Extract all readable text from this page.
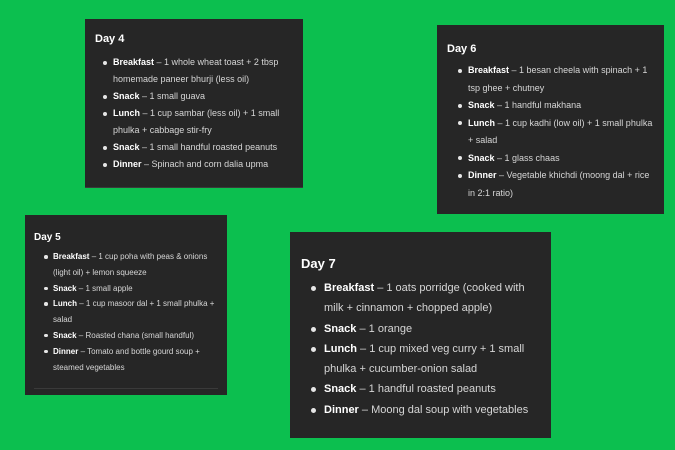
Day 4
Breakfast – 1 whole wheat toast + 2 tbsp homemade paneer bhurji (less oil)
Snack – 1 small guava
Lunch – 1 cup sambar (less oil) + 1 small phulka + cabbage stir-fry
Snack – 1 small handful roasted peanuts
Dinner – Spinach and corn dalia upma
Day 6
Breakfast – 1 besan cheela with spinach + 1 tsp ghee + chutney
Snack – 1 handful makhana
Lunch – 1 cup kadhi (low oil) + 1 small phulka + salad
Snack – 1 glass chaas
Dinner – Vegetable khichdi (moong dal + rice in 2:1 ratio)
Day 5
Breakfast – 1 cup poha with peas & onions (light oil) + lemon squeeze
Snack – 1 small apple
Lunch – 1 cup masoor dal + 1 small phulka + salad
Snack – Roasted chana (small handful)
Dinner – Tomato and bottle gourd soup + steamed vegetables
Day 7
Breakfast – 1 oats porridge (cooked with milk + cinnamon + chopped apple)
Snack – 1 orange
Lunch – 1 cup mixed veg curry + 1 small phulka + cucumber-onion salad
Snack – 1 handful roasted peanuts
Dinner – Moong dal soup with vegetables
